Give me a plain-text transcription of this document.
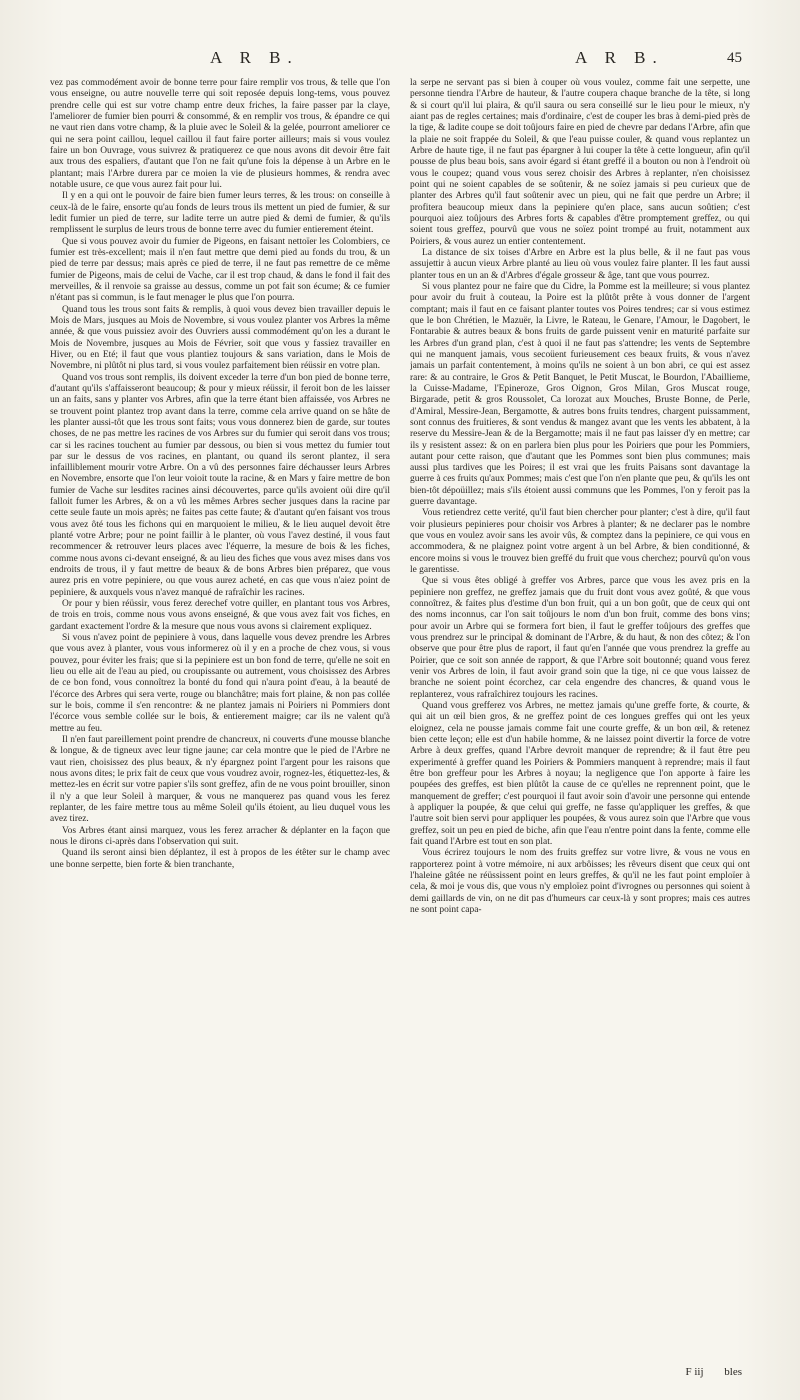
A R B.	A R B.	45

vez pas commodément avoir de bonne terre pour faire remplir vos trous, & telle que l'on vous enseigne, ou autre nouvelle terre qui soit reposée depuis long-tems, vous pouvez prendre celle qui est sur votre champ entre deux friches, la faire passer par la claye, l'ameliorer de fumier bien pourri & consommé, & en remplir vos trous, & épandre ce qui ne vaut rien dans votre champ, & la pluie avec le Soleil & la gelée, pourront ameliorer ce qui ne sera point caillou, lequel caillou il faut faire porter ailleurs; mais si vous voulez faire un bon Ouvrage, vous suivrez & pratiquerez ce que nous avons dit devoir être fait aux trous des espaliers, d'autant que l'on ne fait qu'une fois la dépense à un Arbre en le plantant; mais l'Arbre durera par ce moien la vie de plusieurs hommes, & rendra avec notable usure, ce que vous aurez fait pour lui.

Il y en a qui ont le pouvoir de faire bien fumer leurs terres, & les trous: on conseille à ceux-là de le faire, ensorte qu'au fonds de leurs trous ils mettent un pied de fumier, & sur ledit fumier un pied de terre, sur ladite terre un autre pied & demi de fumier, & qu'ils remplissent le surplus de leurs trous de bonne terre avec du fumier entierement éteint.

Que si vous pouvez avoir du fumier de Pigeons, en faisant nettoïer les Colombiers, ce fumier est très-excellent; mais il n'en faut mettre que demi pied au fonds du trou, & un pied de terre par dessus; mais après ce pied de terre, il ne faut pas remettre de ce même fumier de Pigeons, mais de celui de Vache, car il est trop chaud, & dans le fond il fait des merveilles, & il renvoie sa graisse au dessus, comme un pot fait son écume; & ce fumier n'étant pas si commun, is le faut menager le plus que l'on pourra.

Quand tous les trous sont faits & remplis, à quoi vous devez bien travailler depuis le Mois de Mars, jusques au Mois de Novembre, si vous voulez planter vos Arbres la même année, & que vous puissiez avoir des Ouvriers aussi commodément qu'on les a durant le Mois de Novembre, jusques au Mois de Février, soit que vous y fassiez travailler en Hiver, ou en Eté; il faut que vous plantiez toujours & sans variation, dans le Mois de Novembre, ni plûtôt ni plus tard, si vous voulez parfaitement bien réüssir en votre plan.

Quand vos trous sont remplis, ils doivent exceder la terre d'un bon pied de bonne terre, d'autant qu'ils s'affaisseront beaucoup; & pour y mieux réüssir, il feroit bon de les laisser un an faits, sans y planter vos Arbres, afin que la terre étant bien affaissée, vos Arbres ne se trouvent point plantez trop avant dans la terre, comme cela arrive quand on se hâte de les planter aussi-tôt que les trous sont faits; vous vous donnerez bien de garde, sur toutes choses, de ne pas mettre les racines de vos Arbres sur du fumier qui seroit dans vos trous; car si les racines touchent au fumier par dessous, ou bien si vous mettez du fumier tout par sur le dessus de vos racines, en plantant, ou quand ils seront plantez, il sera infailliblement mourir votre Arbre. On a vû des personnes faire déchausser leurs Arbres en Novembre, ensorte que l'on leur voioit toute la racine, & en Mars y faire mettre de bon fumier de Vache sur lesdites racines ainsi découvertes, parce qu'ils avoient oüi dire qu'il falloit fumer les Arbres, & on a vû les mêmes Arbres secher jusques dans la racine par cette seule faute un mois après; ne faites pas cette faute; & d'autant qu'en faisant vos trous vous avez ôté tous les fichons qui en marquoient le milieu, & le lieu auquel devoit être planté votre Arbre; pour ne point faillir à le planter, où vous l'avez destiné, il vous faut recommencer & retrouver leurs places avec l'équerre, la mesure de bois & les fiches, comme nous avons ci-devant enseigné, & au lieu des fiches que vous avez mises dans vos endroits de trous, il y faut mettre de beaux & de bons Arbres bien préparez, que vous aurez pris en votre pepiniere, ou que vous aurez acheté, en cas que vous n'aiez point de pepiniere, & auxquels vous n'avez manqué de rafraîchir les racines.

Or pour y bien réüssir, vous ferez derechef votre quiller, en plantant tous vos Arbres, de trois en trois, comme nous vous avons enseigné, & que vous avez fait vos fiches, en gardant exactement l'ordre & la mesure que nous vous avons si clairement expliquez.

Si vous n'avez point de pepiniere à vous, dans laquelle vous devez prendre les Arbres que vous avez à planter, vous vous informerez où il y en a proche de chez vous, si vous pouvez, pour éviter les frais; que si la pepiniere est un bon fond de terre, qu'elle ne soit en lieu ou elle ait de l'eau au pied, ou croupissante ou autrement, vous choisissez des Arbres de ce bon fond, vous connoîtrez la bonté du fond qui n'aura point d'eau, à la beauté de l'écorce des Arbres qui sera verte, rouge ou blanchâtre; mais fort plaine, & non pas collée sur le bois, comme il s'en rencontre: & ne plantez jamais ni Poiriers ni Pommiers dont l'écorce vous semble collée sur le bois, & entierement maigre; car ils ne valent qu'à mettre au feu.

Il n'en faut pareillement point prendre de chancreux, ni couverts d'une mousse blanche & longue, & de tigneux avec leur tigne jaune; car cela montre que le pied de l'Arbre ne vaut rien, choisissez des plus beaux, & n'y épargnez point l'argent pour les raisons que nous avons dites; le prix fait de ceux que vous voudrez avoir, rognez-les, étiquettez-les, & mettez-les en écrit sur votre papier s'ils sont greffez, afin de ne vous point brouiller, sinon il n'y a que leur Soleil à marquer, & vous ne manquerez pas quand vous les ferez replanter, de les faire mettre tous au même Soleil qu'ils étoient, au lieu duquel vous les avez tirez.

Vos Arbres étant ainsi marquez, vous les ferez arracher & déplanter en la façon que nous le dirons ci-après dans l'observation qui suit.

Quand ils seront ainsi bien déplantez, il est à propos de les étêter sur le champ avec une bonne serpette, bien forte & bien tranchante,

la serpe ne servant pas si bien à couper où vous voulez, comme fait une serpette, une personne tiendra l'Arbre de hauteur, & l'autre coupera chaque branche de la tête, si long & si court qu'il lui plaira, & qu'il saura ou sera conseillé sur le lieu pour le mieux, n'y aiant pas de regles certaines; mais d'ordinaire, c'est de couper les bras à demi-pied près de la tige, & ladite coupe se doit toûjours faire en pied de chevre par dedans l'Arbre, afin que la plaie ne soit frappée du Soleil, & que l'eau puisse couler, & quand vous replantez un Arbre de haute tige, il ne faut pas épargner à lui couper la tête à cette longueur, afin qu'il pousse de plus beau bois, sans avoir égard si étant greffé il a bouton ou non à l'endroit où vous le coupez; quand vous vous serez choisir des Arbres à replanter, n'en choisissez point qui ne soient capables de se soûtenir, & ne soïez jamais si peu curieux que de planter des Arbres qu'il faut soûtenir avec un pieu, qui ne fait que perdre un Arbre; il profitera beaucoup mieux dans la pepiniere qu'en place, sans aucun soûtien; c'est pourquoi aiez toûjours des Arbres forts & capables d'être promptement greffez, ou qui soient tous greffez, pourvû que vous ne soïez point trompé au fruit, notamment aux Poiriers, & vous aurez un entier contentement.

La distance de six toises d'Arbre en Arbre est la plus belle, & il ne faut pas vous assujettir à aucun vieux Arbre planté au lieu où vous voulez faire planter. Il les faut aussi planter tous en un an & d'Arbres d'égale grosseur & âge, tant que vous pourrez.

Si vous plantez pour ne faire que du Cidre, la Pomme est la meilleure; si vous plantez pour avoir du fruit à couteau, la Poire est la plûtôt prête à vous donner de l'argent comptant; mais il faut en ce faisant planter toutes vos Poires tendres; car si vous estimez que le bon Chrétien, le Mazuër, la Livre, le Rateau, le Genare, l'Amour, le Dagobert, le Fontarabie & autres beaux & bons fruits de garde puissent venir en maturité parfaite sur les Arbres d'un grand plan, c'est à quoi il ne faut pas s'attendre; les vents de Septembre qui ne manquent jamais, vous secoüent furieusement ces beaux fruits, & vous n'avez jamais un parfait contentement, à moins qu'ils ne soient à un bon abri, ce qui est assez rare: & au contraire, le Gros & Petit Banquet, le Petit Muscat, le Bourdon, l'Abaillieme, la Cuisse-Madame, l'Epineroze, Gros Oignon, Gros Milan, Gros Muscat rouge, Birgarade, petit & gros Roussolet, Ca lorozat aux Mouches, Bruste Bonne, de Perle, d'Amiral, Messire-Jean, Bergamotte, & autres bons fruits tendres, chargent puissamment, sont connus des fruitieres, & sont vendus & mangez avant que les vents les abbatent, à la reserve du Messire-Jean & de la Bergamotte; mais il ne faut pas laisser d'y en mettre; car ils y resistent assez: & on en parlera bien plus pour les Poiriers que pour les Pommiers, autant pour cette raison, que d'autant que les Pommes sont bien plus communes; mais aussi plus tardives que les Poires; il est vrai que les fruits Paisans sont davantage la guerre à ces fruits qu'aux Pommes; mais c'est que l'on n'en plante que peu, & qu'ils les ont bien-tôt dépoüillez; mais s'ils étoient aussi communs que les Pommes, l'on y feroit pas la guerre davantage.

Vous retiendrez cette verité, qu'il faut bien chercher pour planter; c'est à dire, qu'il faut voir plusieurs pepinieres pour choisir vos Arbres à planter; & ne declarer pas le nombre que vous en voulez avoir sans les avoir vûs, & comptez dans la pepiniere, ce qui vous en accommodera, & ne plaignez point votre argent à un bel Arbre, & bien conditionné, & encore moins si vous le trouvez bien greffé du fruit que vous cherchez; pourvû qu'on vous le garentisse.

Que si vous êtes obligé à greffer vos Arbres, parce que vous les avez pris en la pepiniere non greffez, ne greffez jamais que du fruit dont vous avez goûté, & que vous connoîtrez, & faites plus d'estime d'un bon fruit, qui a un bon goût, que de ceux qui ont des noms inconnus, car l'on sait toûjours le nom d'un bon fruit, comme des bons vins; pour avoir un Arbre qui se formera fort bien, il faut le greffer toûjours des greffes que vous prendrez sur le principal & dominant de l'Arbre, & du haut, & non des côtez; & l'on observe que pour être plus de raport, il faut qu'en l'année que vous prendrez la greffe au Poirier, que ce soit son année de rapport, & que l'Arbre soit boutonné; quand vous ferez venir vos Arbres de loin, il faut avoir grand soin que la tige, ni ce que vous laissez de branche ne soient point écorchez, car cela engendre des chancres, & quand vous le replanterez, vous rafraîchirez toujours les racines.

Quand vous grefferez vos Arbres, ne mettez jamais qu'une greffe forte, & courte, & qui ait un œil bien gros, & ne greffez point de ces longues greffes qui ont les yeux eloignez, cela ne pousse jamais comme fait une courte greffe, & un bon œil, & retenez bien cette leçon; elle est d'un habile homme, & ne laissez point divertir la force de votre Arbre à deux greffes, quand l'Arbre devroit manquer de reprendre; & il faut être peu experimenté à greffer quand les Poiriers & Pommiers manquent à reprendre; mais il faut être bon greffeur pour les Arbres à noyau; la negligence que l'on apporte à faire les poupées des greffes, est bien plûtôt la cause de ce qu'elles ne reprennent point, que le manquement de greffer; c'est pourquoi il faut avoir soin d'avoir une personne qui entende à appliquer la poupée, & que celui qui greffe, ne fasse qu'appliquer les greffes, & que l'autre soit bien servi pour appliquer les poupées, & vous aurez soin que l'Arbre que vous greffez, soit un peu en pied de biche, afin que l'eau n'entre point dans la fente, comme elle fait quand l'Arbre est tout en son plat.

Vous écrirez toujours le nom des fruits greffez sur votre livre, & vous ne vous en rapporterez point à votre mémoire, ni aux arbôisses; les rêveurs disent que ceux qui ont l'haleine gâtée ne réüssissent point en leurs greffes, & qu'il ne les faut point emploïer à cela, & moi je vous dis, que vous n'y emploïez point d'ivrognes ou personnes qui soient à demi gaillards de vin, on ne dit pas d'humeurs car ceux-là y sont propres; mais ces autres ne sont point capa-

F iij bles
